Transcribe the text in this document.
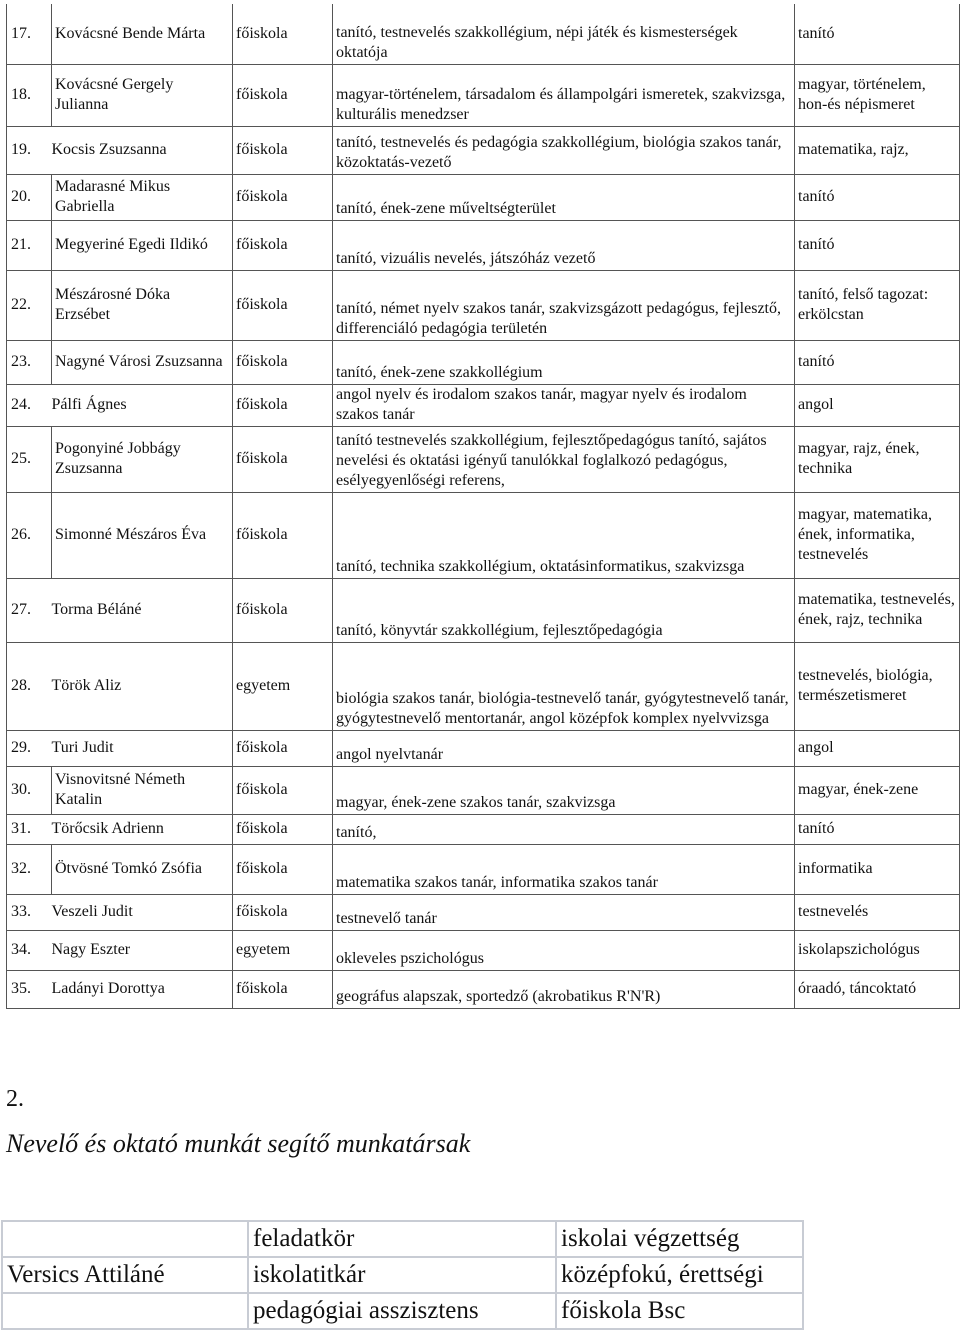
17.	Kovácsné Bende Márta	főiskola	tanító, testnevelés szakkollégium, népi játék és kismesterségek oktatója	tanító
18.	Kovácsné Gergely Julianna	főiskola	magyar-történelem, társadalom és állampolgári ismeretek, szakvizsga, kulturális menedzser	magyar, történelem, hon-és népismeret
19.	Kocsis Zsuzsanna	főiskola	tanító, testnevelés és pedagógia szakkollégium, biológia szakos tanár, közoktatás-vezető	matematika, rajz,
20.	Madarasné Mikus Gabriella	főiskola	tanító, ének-zene műveltségterület	tanító
21.	Megyeriné Egedi Ildikó	főiskola	tanító, vizuális nevelés, játszóház vezető	tanító
22.	Mészárosné Dóka Erzsébet	főiskola	tanító, német nyelv szakos tanár, szakvizsgázott pedagógus, fejlesztő, differenciáló pedagógia területén	tanító, felső tagozat: erkölcstan
23.	Nagyné Városi Zsuzsanna	főiskola	tanító, ének-zene szakkollégium	tanító
24.	Pálfi Ágnes	főiskola	angol nyelv és irodalom szakos tanár, magyar nyelv és irodalom szakos tanár	angol
25.	Pogonyiné Jobbágy Zsuzsanna	főiskola	tanító testnevelés szakkollégium, fejlesztőpedagógus tanító, sajátos nevelési és oktatási igényű tanulókkal foglalkozó pedagógus, esélyegyenlőségi referens,	magyar, rajz, ének, technika
26.	Simonné Mészáros Éva	főiskola	tanító, technika szakkollégium, oktatásinformatikus, szakvizsga	magyar, matematika, ének, informatika, testnevelés
27.	Torma Béláné	főiskola	tanító, könyvtár szakkollégium, fejlesztőpedagógia	matematika, testnevelés, ének, rajz, technika
28.	Török Aliz	egyetem	biológia szakos tanár, biológia-testnevelő tanár, gyógytestnevelő tanár, gyógytestnevelő mentortanár, angol középfok komplex nyelvvizsga	testnevelés, biológia, természetismeret
29.	Turi Judit	főiskola	angol nyelvtanár	angol
30.	Visnovitsné Németh Katalin	főiskola	magyar, ének-zene szakos tanár, szakvizsga	magyar, ének-zene
31.	Törőcsik Adrienn	főiskola	tanító,	tanító
32.	Ötvösné Tomkó Zsófia	főiskola	matematika szakos tanár, informatika szakos tanár	informatika
33.	Veszeli Judit	főiskola	testnevelő tanár	testnevelés
34.	Nagy Eszter	egyetem	okleveles pszichológus	iskolapszichológus
35.	Ladányi Dorottya	főiskola	geográfus alapszak, sportedző (akrobatikus R'N'R)	óraadó, táncoktató
2.
Nevelő és oktató munkát segítő munkatársak
	feladatkör	iskolai végzettség
Versics Attiláné	iskolatitkár	középfokú, érettségi
	pedagógiai asszisztens	főiskola Bsc
